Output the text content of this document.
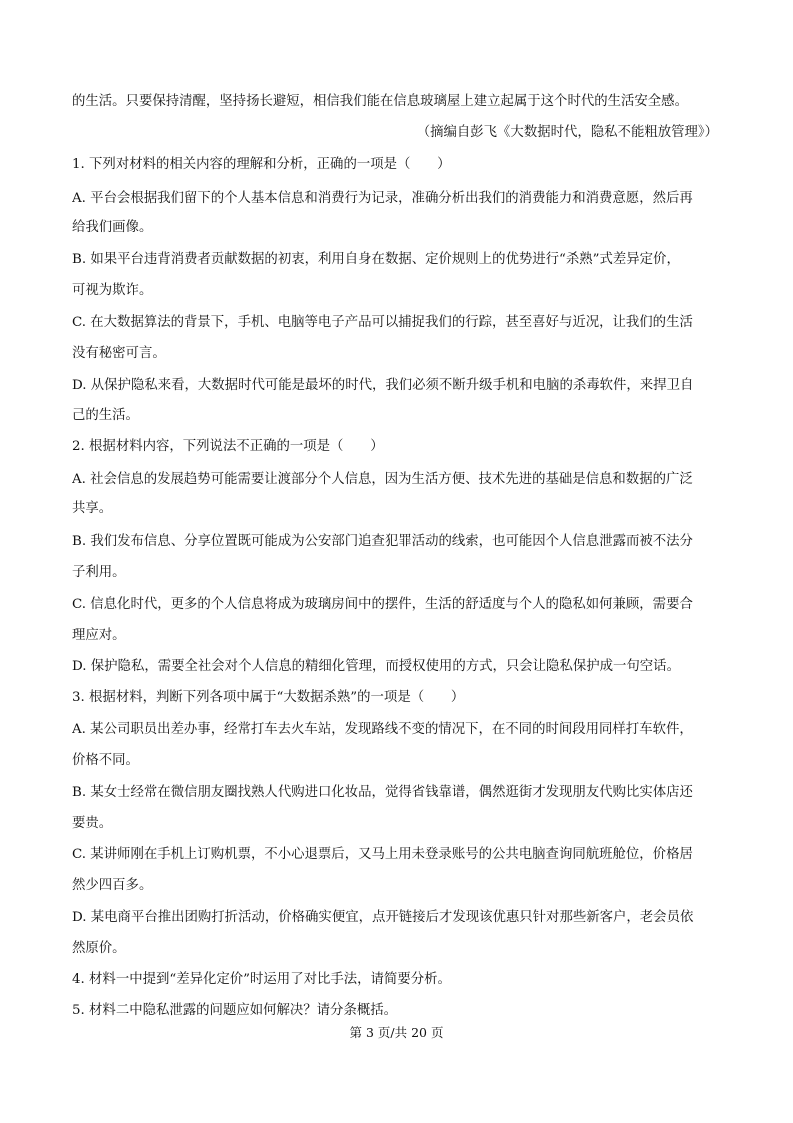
的生活。只要保持清醒，坚持扬长避短，相信我们能在信息玻璃屋上建立起属于这个时代的生活安全感。
（摘编自彭飞《大数据时代，隐私不能粗放管理》）
1. 下列对材料的相关内容的理解和分析，正确的一项是（　　）
A. 平台会根据我们留下的个人基本信息和消费行为记录，准确分析出我们的消费能力和消费意愿，然后再
给我们画像。
B. 如果平台违背消费者贡献数据的初衷，利用自身在数据、定价规则上的优势进行“杀熟”式差异定价，
可视为欺诈。
C. 在大数据算法的背景下，手机、电脑等电子产品可以捕捉我们的行踪，甚至喜好与近况，让我们的生活
没有秘密可言。
D. 从保护隐私来看，大数据时代可能是最坏的时代，我们必须不断升级手机和电脑的杀毒软件，来捍卫自
己的生活。
2. 根据材料内容，下列说法不正确的一项是（　　）
A. 社会信息的发展趋势可能需要让渡部分个人信息，因为生活方便、技术先进的基础是信息和数据的广泛
共享。
B. 我们发布信息、分享位置既可能成为公安部门追查犯罪活动的线索，也可能因个人信息泄露而被不法分
子利用。
C. 信息化时代，更多的个人信息将成为玻璃房间中的摆件，生活的舒适度与个人的隐私如何兼顾，需要合
理应对。
D. 保护隐私，需要全社会对个人信息的精细化管理，而授权使用的方式，只会让隐私保护成一句空话。
3. 根据材料，判断下列各项中属于“大数据杀熟”的一项是（　　）
A. 某公司职员出差办事，经常打车去火车站，发现路线不变的情况下，在不同的时间段用同样打车软件，
价格不同。
B. 某女士经常在微信朋友圈找熟人代购进口化妆品，觉得省钱靠谱，偶然逛街才发现朋友代购比实体店还
要贵。
C. 某讲师刚在手机上订购机票，不小心退票后，又马上用未登录账号的公共电脑查询同航班舱位，价格居
然少四百多。
D. 某电商平台推出团购打折活动，价格确实便宜，点开链接后才发现该优惠只针对那些新客户，老会员依
然原价。
4. 材料一中提到“差异化定价”时运用了对比手法，请简要分析。
5. 材料二中隐私泄露的问题应如何解决？请分条概括。
第 3 页/共 20 页
